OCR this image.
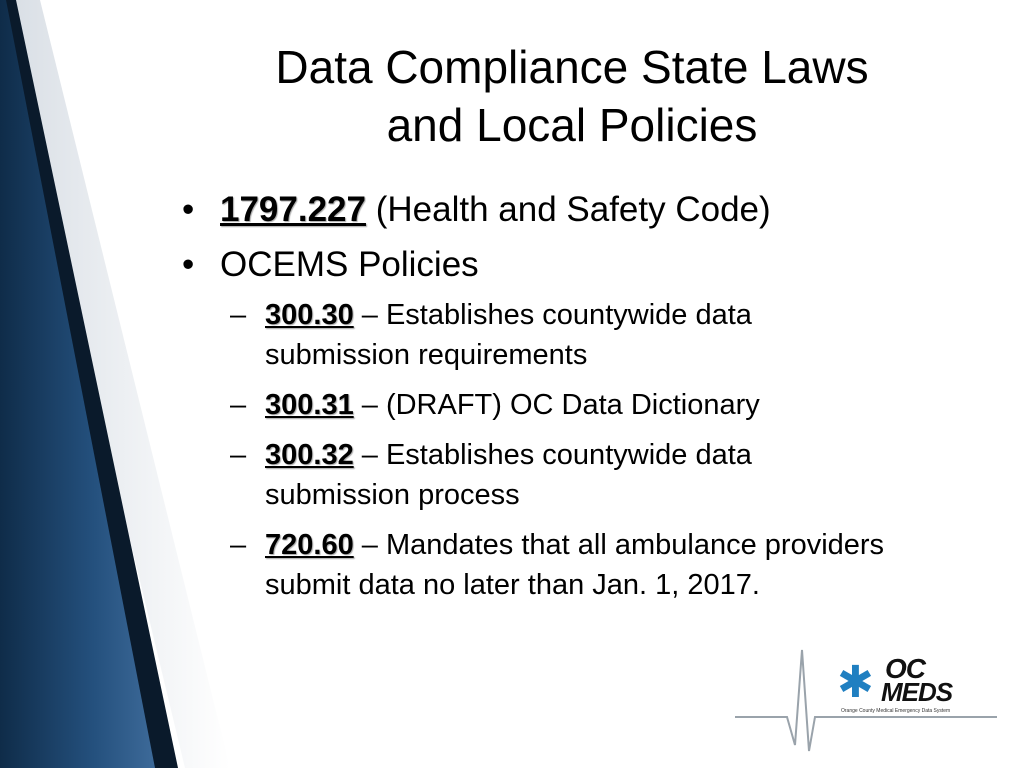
Data Compliance State Laws
and Local Policies
• 1797.227 (Health and Safety Code)
• OCEMS Policies
– 300.30 – Establishes countywide data submission requirements
– 300.31 – (DRAFT) OC Data Dictionary
– 300.32 – Establishes countywide data submission process
– 720.60 – Mandates that all ambulance providers submit data no later than Jan. 1, 2017.
✱ OC
MEDS
Orange County Medical Emergency Data System
